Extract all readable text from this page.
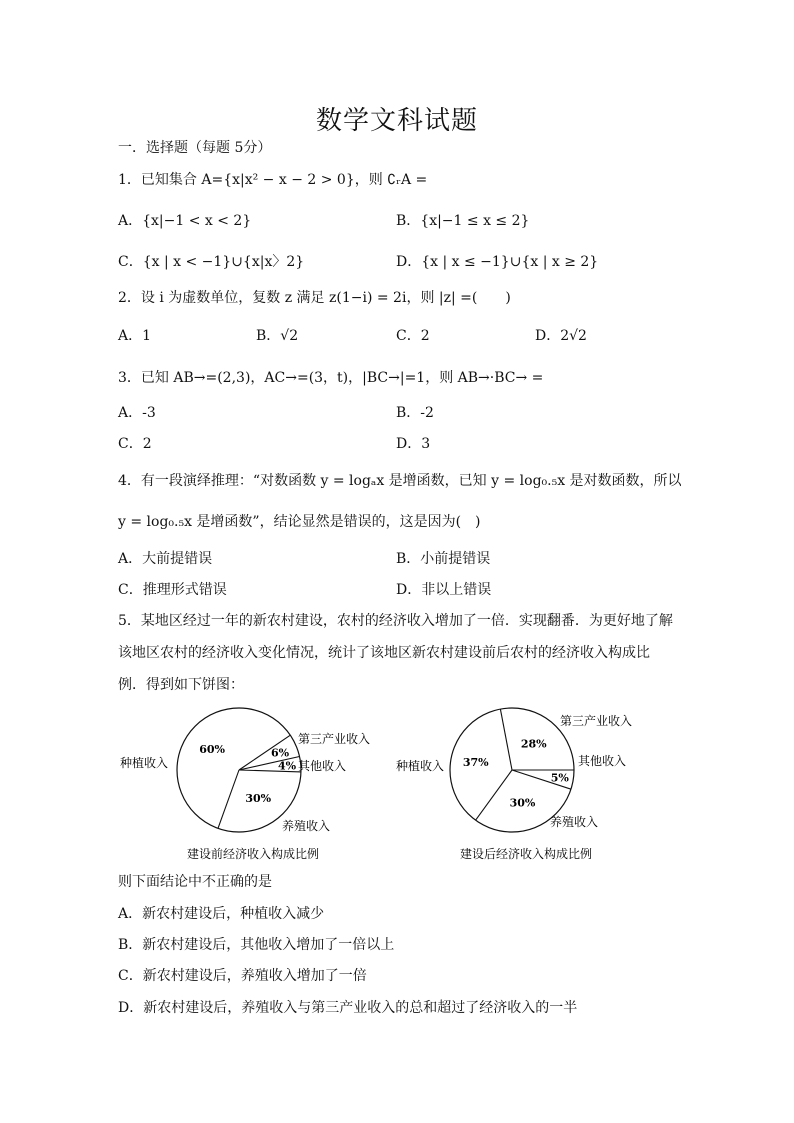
数学文科试题
一．选择题（每题 5分）
1．已知集合 A={x|x² − x − 2 > 0}，则 ∁ᵣA =
A．{x|−1 < x < 2}	B．{x|−1 ≤ x ≤ 2}
C．{x | x < −1}∪{x|x〉2}	D．{x | x ≤ −1}∪{x | x ≥ 2}
2．设 i 为虚数单位，复数 z 满足 z(1−i) = 2i，则 |z| =(　　)
A．1	B．√2	C．2	D．2√2
3．已知 AB→=(2,3)，AC→=(3，t)，|BC→|=1，则 AB→·BC→ =
A．-3	B．-2
C．2	D．3
4．有一段演绎推理：“对数函数 y = logₐx 是增函数，已知 y = log₀.₅x 是对数函数，所以
y = log₀.₅x 是增函数”，结论显然是错误的，这是因为(　)
A．大前提错误	B．小前提错误
C．推理形式错误	D．非以上错误
5．某地区经过一年的新农村建设，农村的经济收入增加了一倍．实现翻番．为更好地了解
该地区农村的经济收入变化情况，统计了该地区新农村建设前后农村的经济收入构成比
例．得到如下饼图：
60%
种植收入
30%
养殖收入
4% 其他收入
6%
第三产业收入
建设前经济收入构成比例
37%
种植收入
30%
养殖收入
5%
其他收入
28%
第三产业收入
建设后经济收入构成比例
则下面结论中不正确的是
A．新农村建设后，种植收入减少
B．新农村建设后，其他收入增加了一倍以上
C．新农村建设后，养殖收入增加了一倍
D．新农村建设后，养殖收入与第三产业收入的总和超过了经济收入的一半
